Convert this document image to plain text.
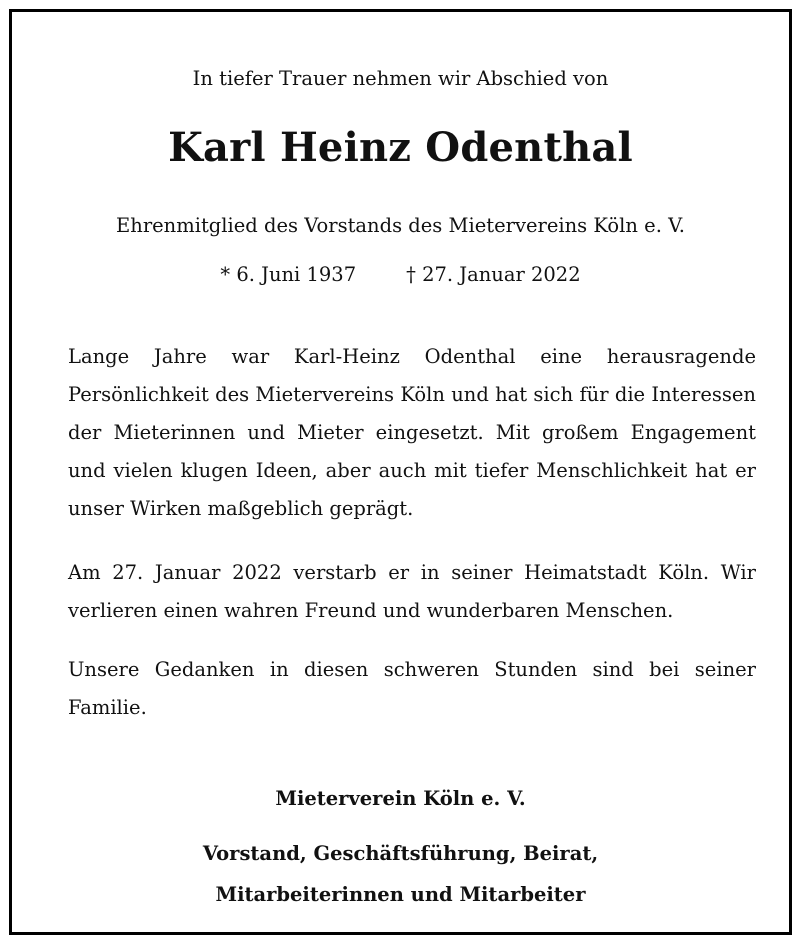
In tiefer Trauer nehmen wir Abschied von
Karl Heinz Odenthal
Ehrenmitglied des Vorstands des Mietervereins Köln e. V.
* 6. Juni 1937	† 27. Januar 2022

Lange Jahre war Karl-Heinz Odenthal eine herausragende Persönlichkeit des Mietervereins Köln und hat sich für die Interessen der Mieterinnen und Mieter eingesetzt. Mit großem Engagement und vielen klugen Ideen, aber auch mit tiefer Menschlichkeit hat er unser Wirken maßgeblich geprägt.

Am 27. Januar 2022 verstarb er in seiner Heimatstadt Köln. Wir verlieren einen wahren Freund und wunderbaren Menschen.

Unsere Gedanken in diesen schweren Stunden sind bei seiner Familie.

Mieterverein Köln e. V.
Vorstand, Geschäftsführung, Beirat,
Mitarbeiterinnen und Mitarbeiter
